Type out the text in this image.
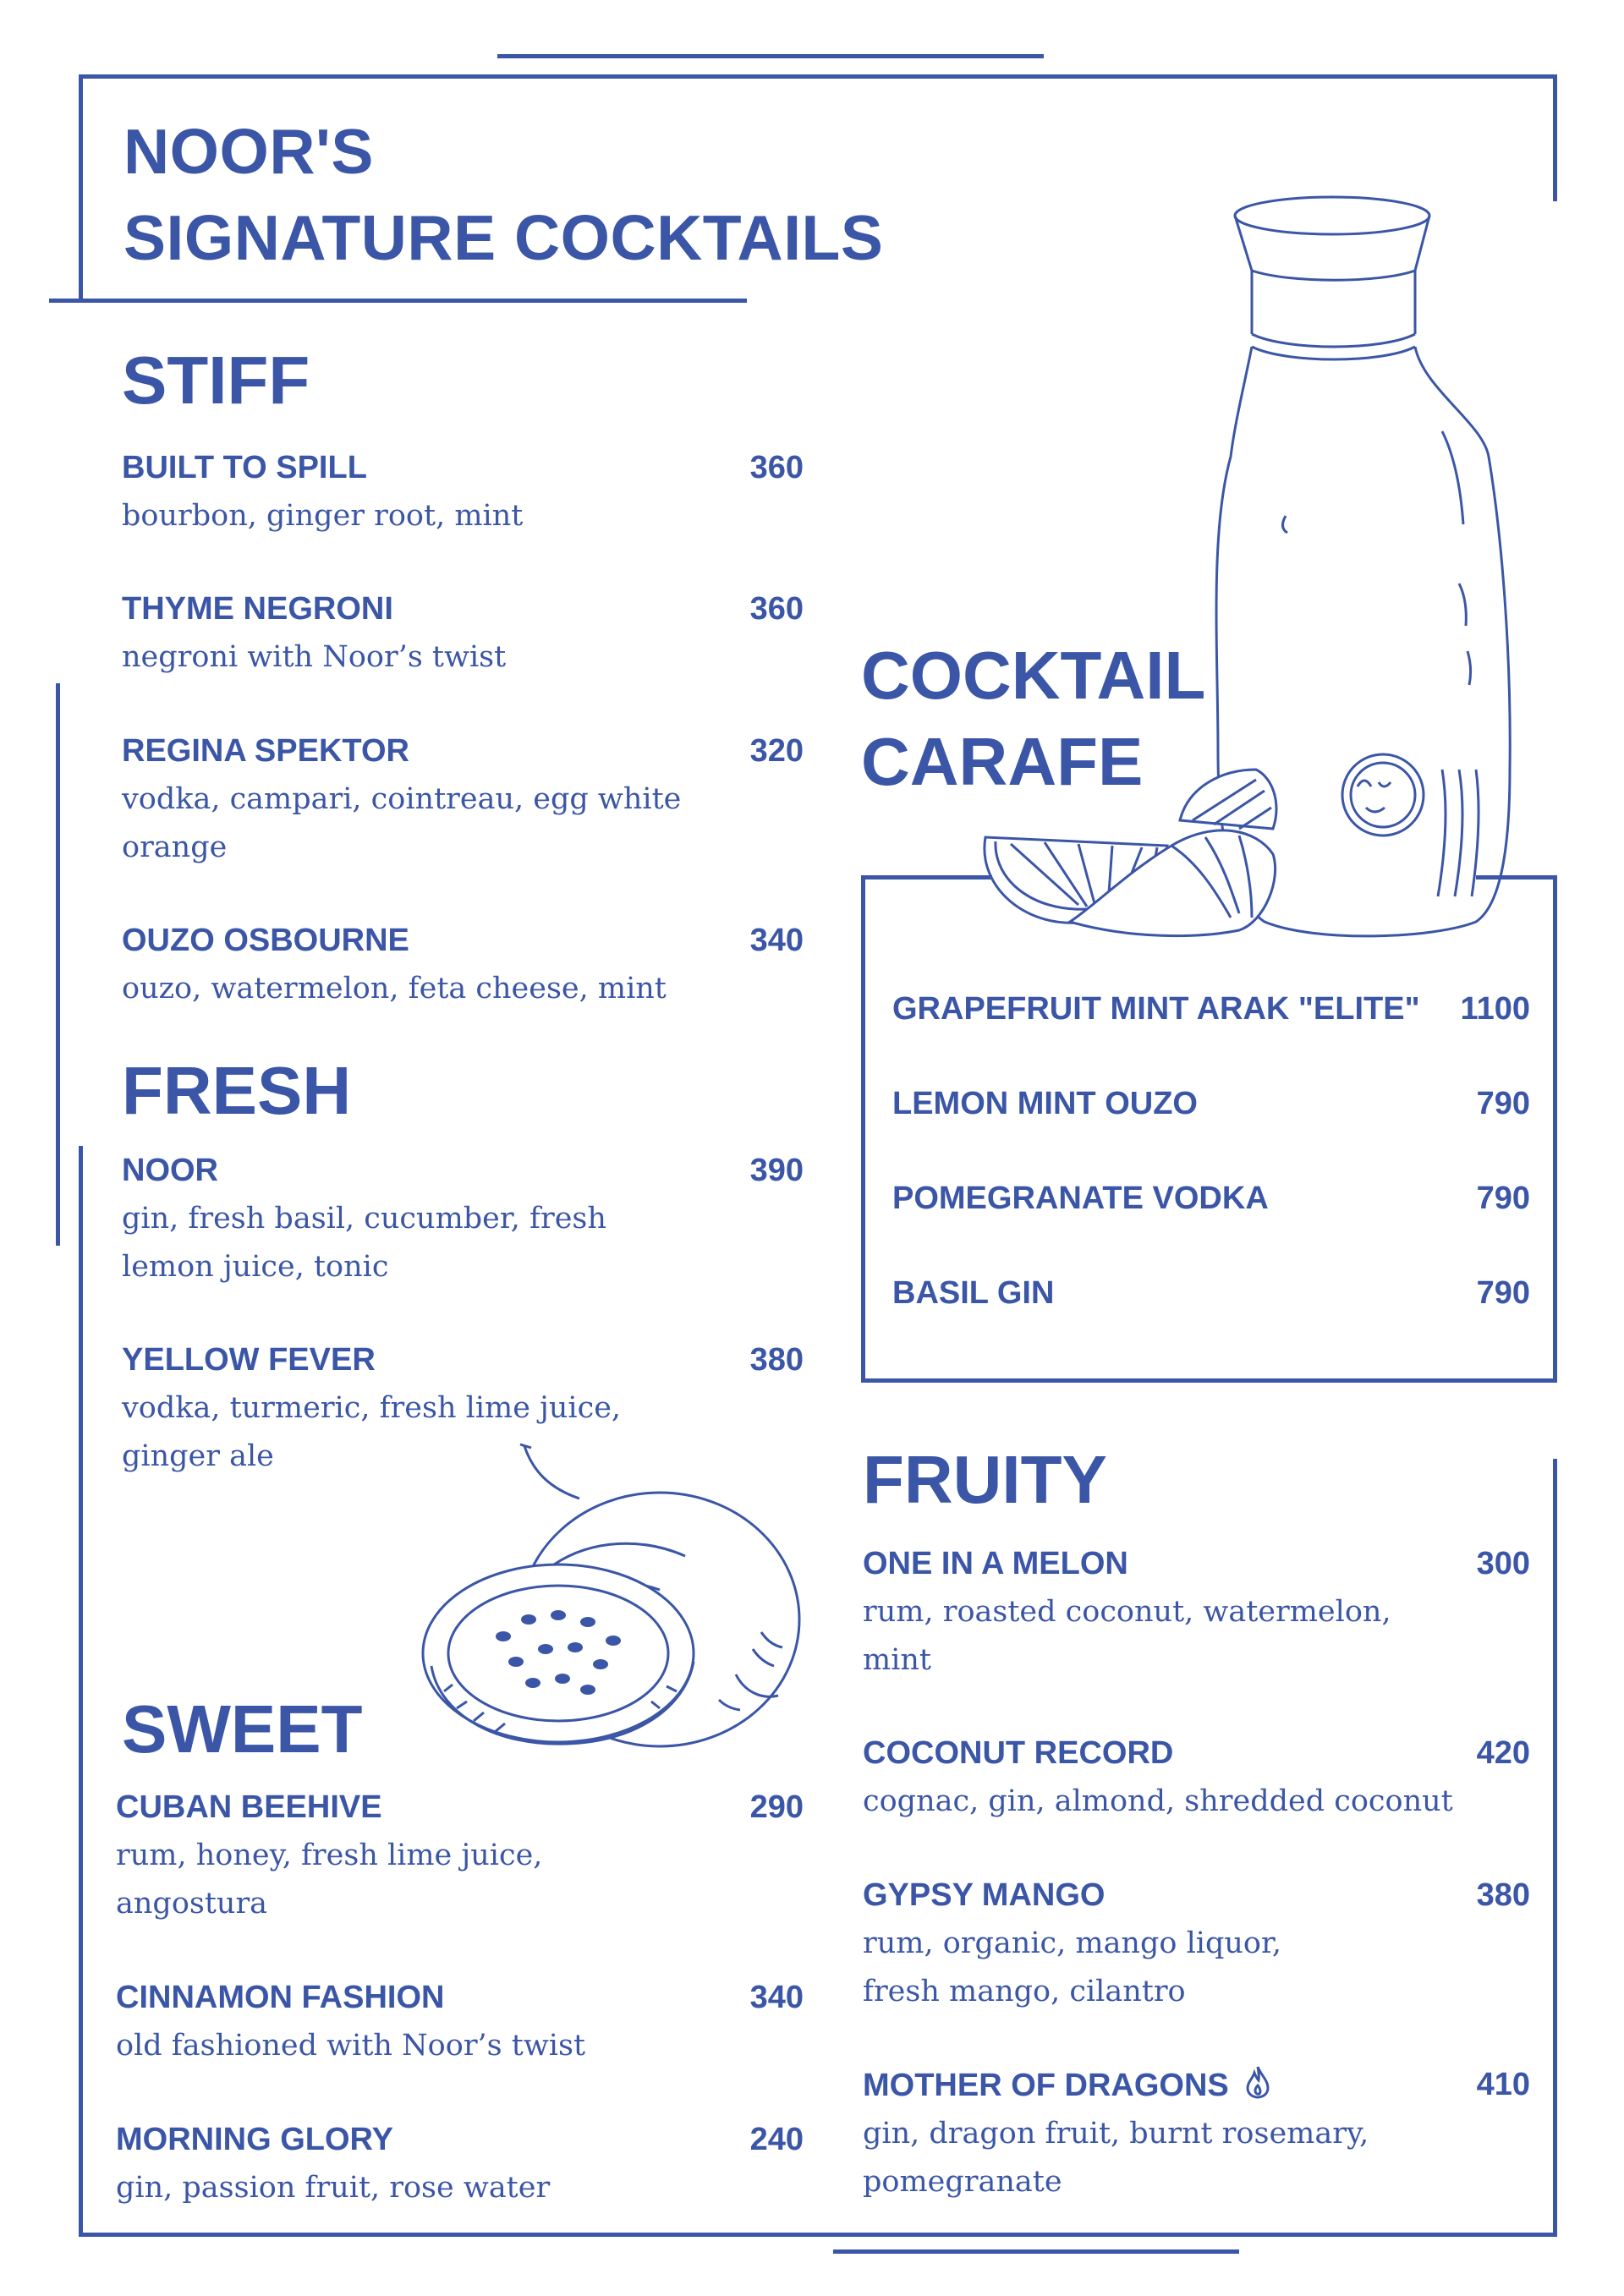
NOOR'S
SIGNATURE COCKTAILS
STIFF
BUILT TO SPILL	360
bourbon, ginger root, mint
THYME NEGRONI	360
negroni with Noor’s twist
REGINA SPEKTOR	320
vodka, campari, cointreau, egg white
orange
OUZO OSBOURNE	340
ouzo, watermelon, feta cheese, mint
FRESH
NOOR	390
gin, fresh basil, cucumber, fresh
lemon juice, tonic
YELLOW FEVER	380
vodka, turmeric, fresh lime juice,
ginger ale
SWEET
CUBAN BEEHIVE	290
rum, honey, fresh lime juice,
angostura
CINNAMON FASHION	340
old fashioned with Noor’s twist
MORNING GLORY	240
gin, passion fruit, rose water
COCKTAIL
CARAFE
GRAPEFRUIT MINT ARAK "ELITE" 1100
LEMON MINT OUZO	790
POMEGRANATE VODKA	790
BASIL GIN	790
FRUITY
ONE IN A MELON	300
rum, roasted coconut, watermelon,
mint
COCONUT RECORD	420
cognac, gin, almond, shredded coconut
GYPSY MANGO	380
rum, organic, mango liquor,
fresh mango, cilantro
MOTHER OF DRAGONS	410
gin, dragon fruit, burnt rosemary,
pomegranate
